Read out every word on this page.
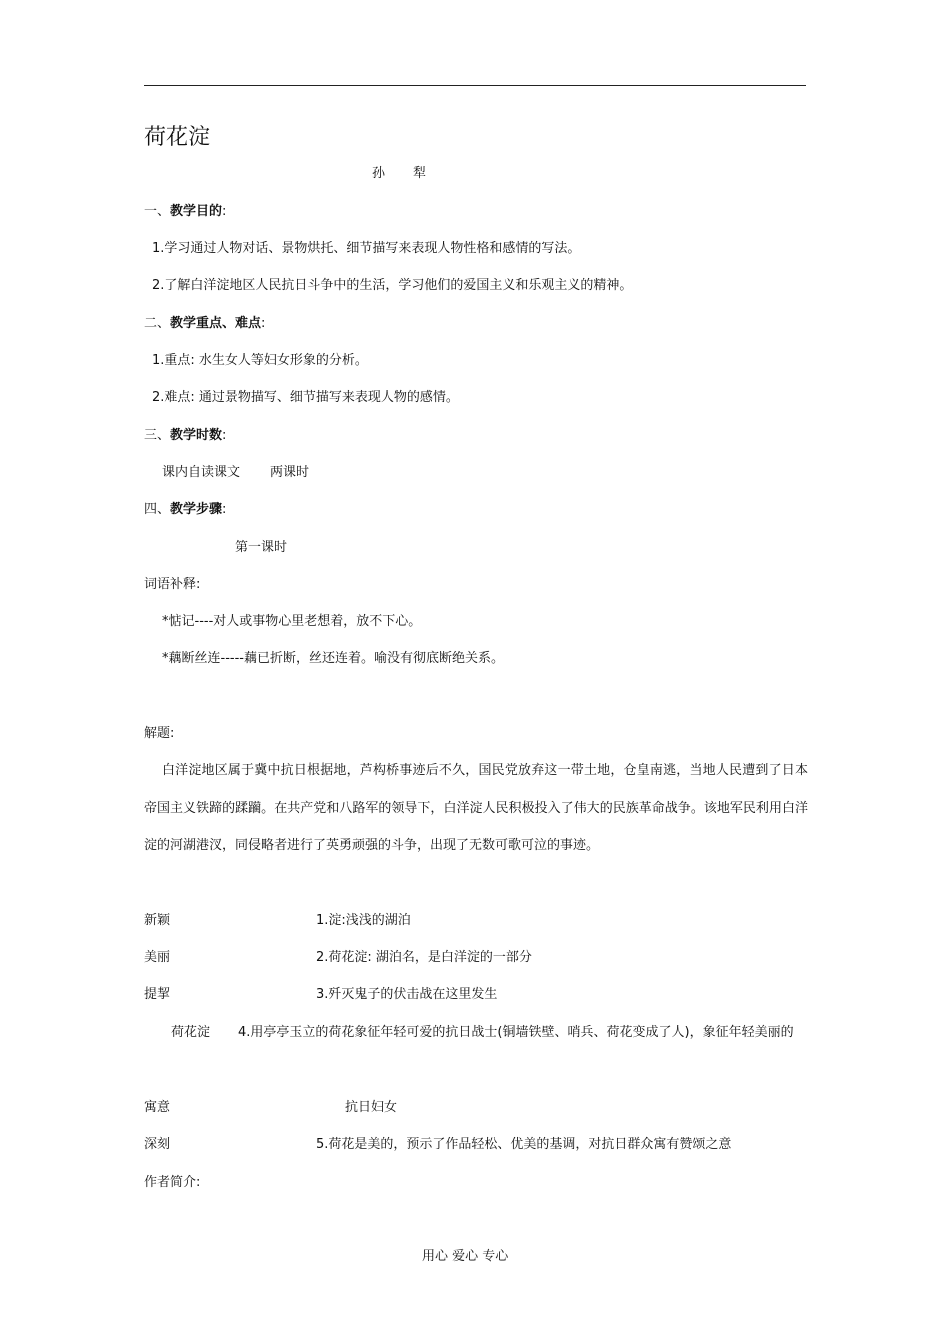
荷花淀
孙 犁
一、教学目的:
1.学习通过人物对话、景物烘托、细节描写来表现人物性格和感情的写法。
2.了解白洋淀地区人民抗日斗争中的生活，学习他们的爱国主义和乐观主义的精神。
二、教学重点、难点:
1.重点: 水生女人等妇女形象的分析。
2.难点: 通过景物描写、细节描写来表现人物的感情。
三、教学时数:
课内自读课文 两课时
四、教学步骤:
第一课时
词语补释:
*惦记----对人或事物心里老想着，放不下心。
*藕断丝连-----藕已折断，丝还连着。喻没有彻底断绝关系。
解题:
白洋淀地区属于冀中抗日根据地，芦构桥事迹后不久，国民党放弃这一带土地，仓皇南逃，当地人民遭到了日本帝国主义铁蹄的蹂躏。在共产党和八路军的领导下，白洋淀人民积极投入了伟大的民族革命战争。该地军民利用白洋淀的河湖港汊，同侵略者进行了英勇顽强的斗争，出现了无数可歌可泣的事迹。
新颖	1.淀:浅浅的湖泊
美丽	2.荷花淀: 湖泊名，是白洋淀的一部分
提挈	3.歼灭鬼子的伏击战在这里发生
荷花淀 4.用亭亭玉立的荷花象征年轻可爱的抗日战士(铜墙铁壁、哨兵、荷花变成了人)，象征年轻美丽的
寓意	抗日妇女
深刻	5.荷花是美的，预示了作品轻松、优美的基调，对抗日群众寓有赞颂之意
作者简介:
用心 爱心 专心
